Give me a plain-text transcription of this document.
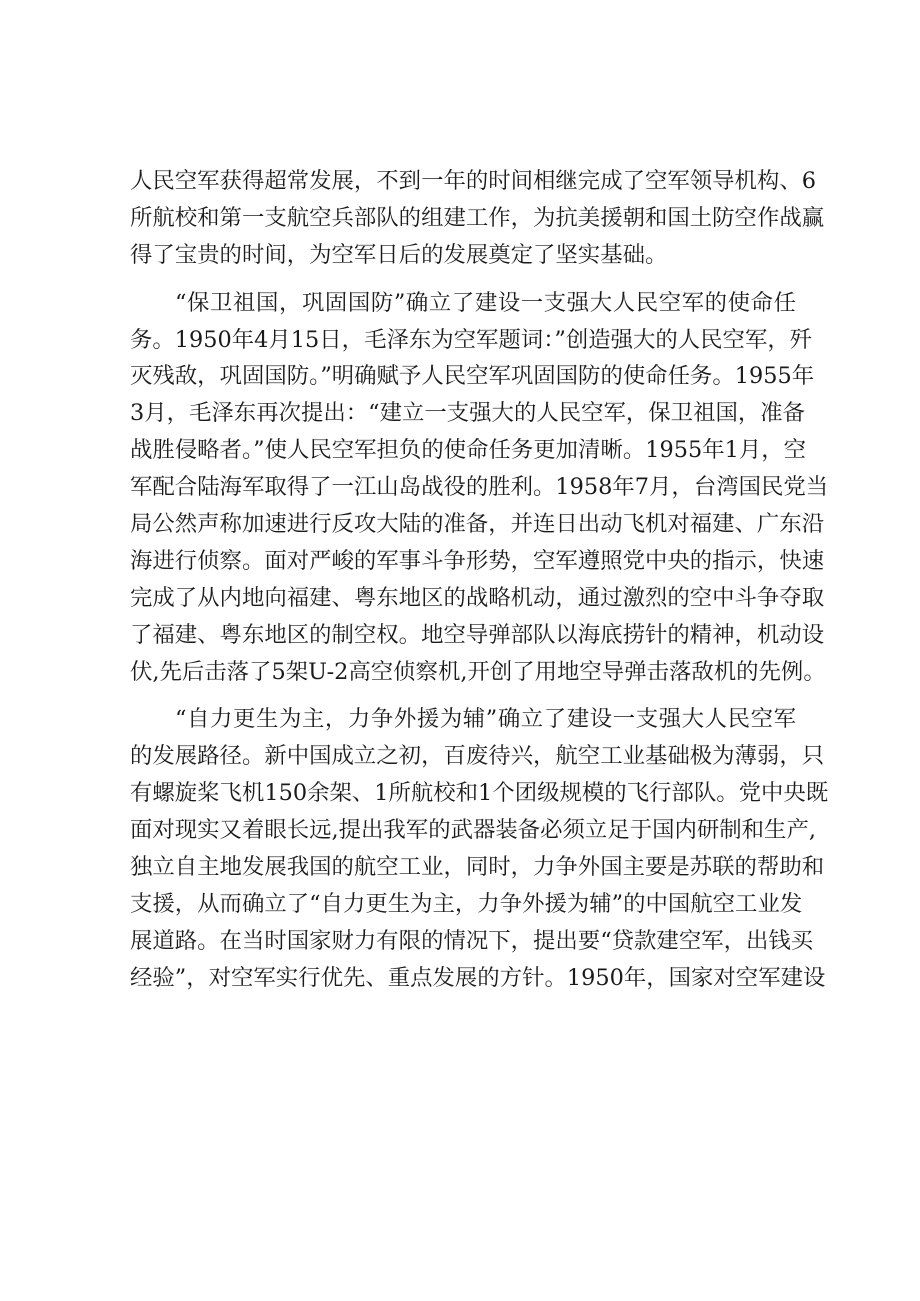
人民空军获得超常发展，不到一年的时间相继完成了空军领导机构、6
所航校和第一支航空兵部队的组建工作，为抗美援朝和国土防空作战赢
得了宝贵的时间，为空军日后的发展奠定了坚实基础。

“保卫祖国，巩固国防”确立了建设一支强大人民空军的使命任
务。1950年4月15日，毛泽东为空军题词：”创造强大的人民空军，歼
灭残敌，巩固国防。”明确赋予人民空军巩固国防的使命任务。1955年
3月，毛泽东再次提出：“建立一支强大的人民空军，保卫祖国，准备
战胜侵略者。”使人民空军担负的使命任务更加清晰。1955年1月，空
军配合陆海军取得了一江山岛战役的胜利。1958年7月，台湾国民党当
局公然声称加速进行反攻大陆的准备，并连日出动飞机对福建、广东沿
海进行侦察。面对严峻的军事斗争形势，空军遵照党中央的指示，快速
完成了从内地向福建、粤东地区的战略机动，通过激烈的空中斗争夺取
了福建、粤东地区的制空权。地空导弹部队以海底捞针的精神，机动设
伏,先后击落了5架U-2高空侦察机,开创了用地空导弹击落敌机的先例。

“自力更生为主，力争外援为辅”确立了建设一支强大人民空军
的发展路径。新中国成立之初，百废待兴，航空工业基础极为薄弱，只
有螺旋桨飞机150余架、1所航校和1个团级规模的飞行部队。党中央既
面对现实又着眼长远,提出我军的武器装备必须立足于国内研制和生产,
独立自主地发展我国的航空工业，同时，力争外国主要是苏联的帮助和
支援，从而确立了“自力更生为主，力争外援为辅”的中国航空工业发
展道路。在当时国家财力有限的情况下，提出要“贷款建空军，出钱买
经验”，对空军实行优先、重点发展的方针。1950年，国家对空军建设
